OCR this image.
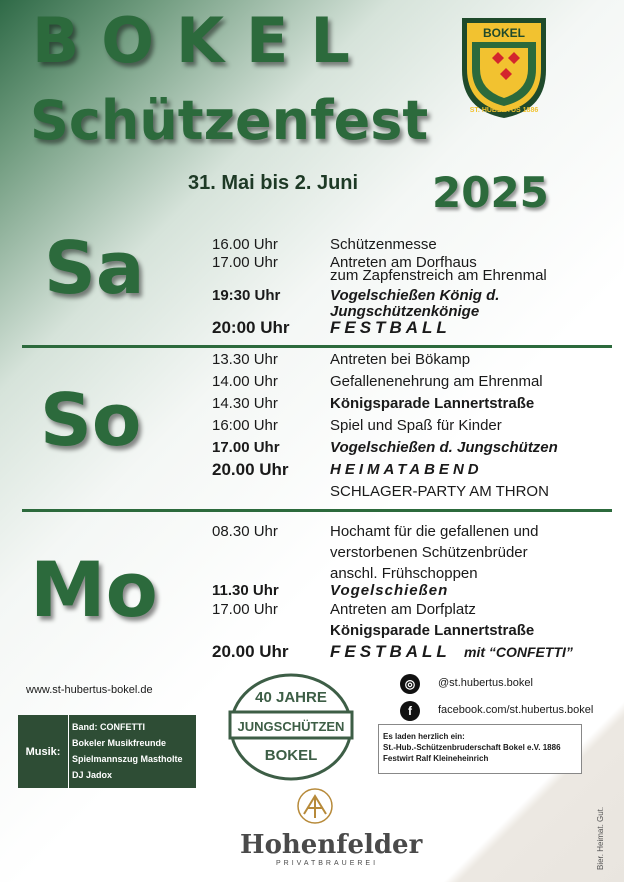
BOKEL
Schützenfest
31. Mai bis 2. Juni 2025
BOKEL
ST. HUBERTUS 1886
Sa	16.00 Uhr	Schützenmesse
17.00 Uhr	Antreten am Dorfhaus
zum Zapfenstreich am Ehrenmal
19:30 Uhr	Vogelschießen König d.
Jungschützenkönige
20:00 Uhr FESTBALL
So
13.30 Uhr	Antreten bei Bökamp
14.00 Uhr	Gefallenenehrung am Ehrenmal
14.30 Uhr	Königsparade Lannertstraße
16:00 Uhr	Spiel und Spaß für Kinder
17.00 Uhr	Vogelschießen d. Jungschützen
20.00 Uhr	HEIMATABEND
SCHLAGER-PARTY AM THRON
Mo
08.30 Uhr	Hochamt für die gefallenen und
verstorbenen Schützenbrüder
anschl. Frühschoppen
11.30 Uhr	Vogelschießen
17.00 Uhr	Antreten am Dorfplatz
Königsparade Lannertstraße
20.00 Uhr FESTBALL mit “CONFETTI”
www.st-hubertus-bokel.de
Musik:
Band: CONFETTI
Bokeler Musikfreunde
Spielmannszug Mastholte
DJ Jadox
40 JAHRE
JUNGSCHÜTZEN
BOKEL
◎	@st.hubertus.bokel
f	facebook.com/st.hubertus.bokel
Es laden herzlich ein:
St.-Hub.-Schützenbruderschaft Bokel e.V. 1886
Festwirt Ralf Kleineheinrich
Hohenfelder
PRIVATBRAUEREI	Bier. Heimat. Gut.
